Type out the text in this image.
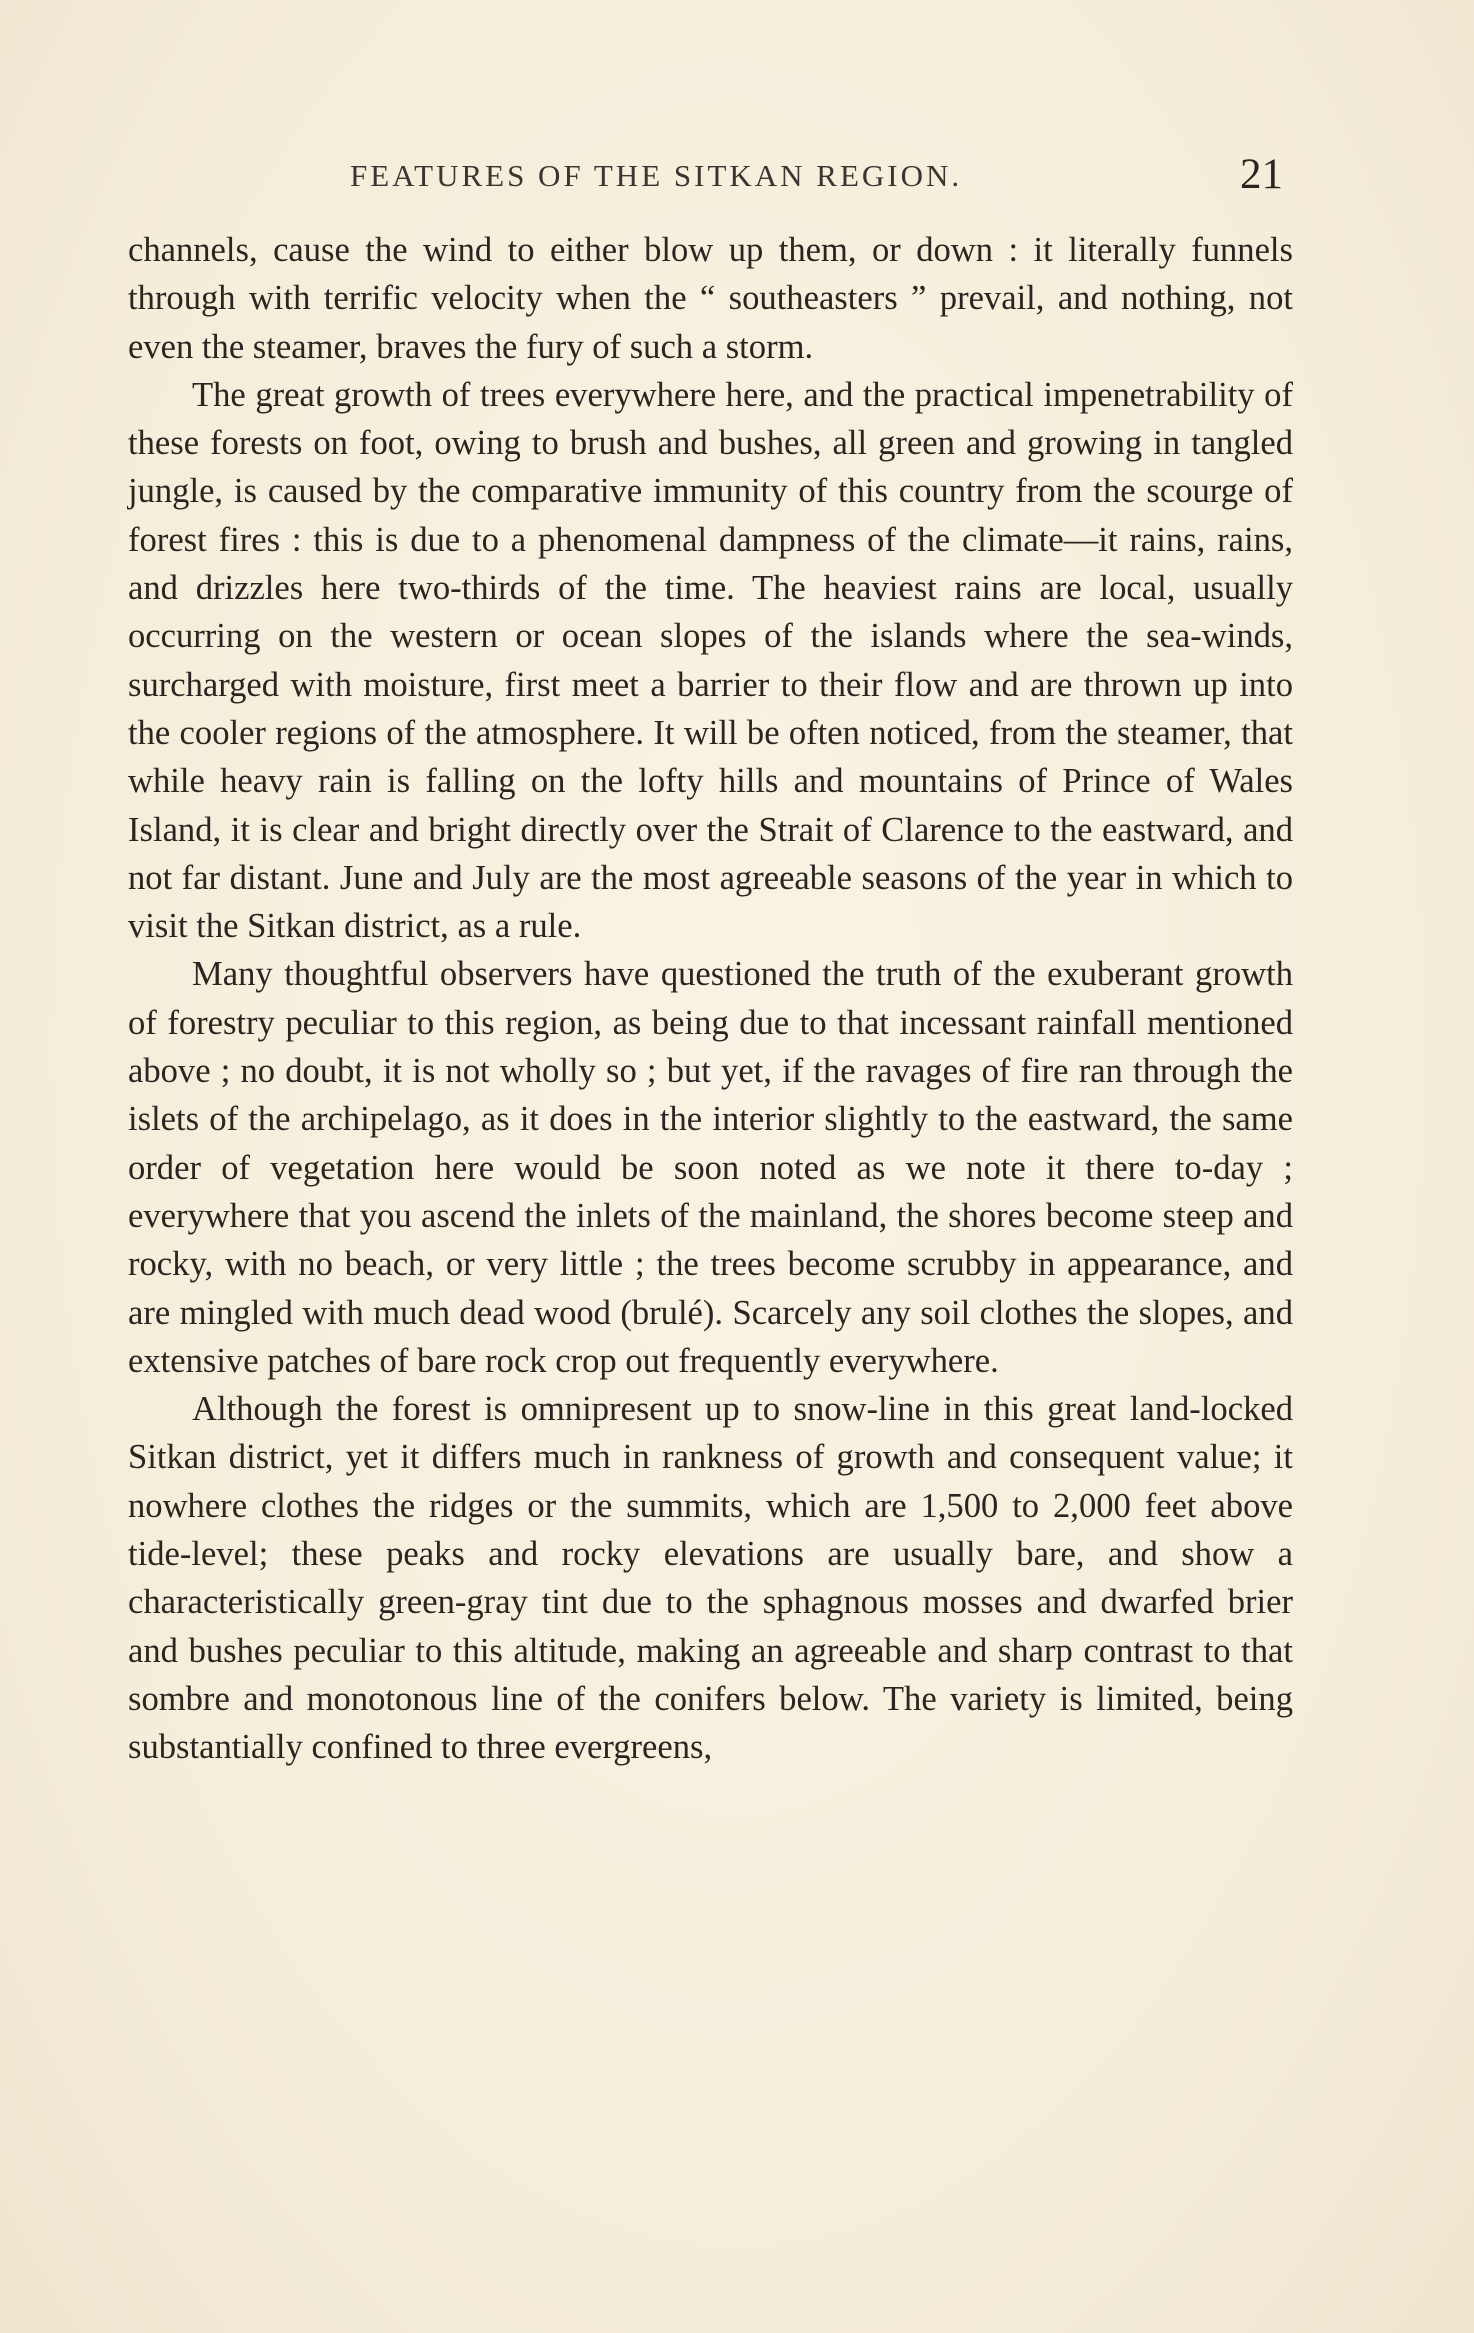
FEATURES OF THE SITKAN REGION.	21

channels, cause the wind to either blow up them, or down : it literally funnels through with terrific velocity when the “ southeasters ” prevail, and nothing, not even the steamer, braves the fury of such a storm.

The great growth of trees everywhere here, and the practical impenetrability of these forests on foot, owing to brush and bushes, all green and growing in tangled jungle, is caused by the comparative immunity of this country from the scourge of forest fires : this is due to a phenomenal dampness of the climate—it rains, rains, and drizzles here two-thirds of the time. The heaviest rains are local, usually occurring on the western or ocean slopes of the islands where the sea-winds, surcharged with moisture, first meet a barrier to their flow and are thrown up into the cooler regions of the atmosphere. It will be often noticed, from the steamer, that while heavy rain is falling on the lofty hills and mountains of Prince of Wales Island, it is clear and bright directly over the Strait of Clarence to the eastward, and not far distant. June and July are the most agreeable seasons of the year in which to visit the Sitkan district, as a rule.

Many thoughtful observers have questioned the truth of the exuberant growth of forestry peculiar to this region, as being due to that incessant rainfall mentioned above ; no doubt, it is not wholly so ; but yet, if the ravages of fire ran through the islets of the archipelago, as it does in the interior slightly to the eastward, the same order of vegetation here would be soon noted as we note it there to-day ; everywhere that you ascend the inlets of the mainland, the shores become steep and rocky, with no beach, or very little ; the trees become scrubby in appearance, and are mingled with much dead wood (brulé). Scarcely any soil clothes the slopes, and extensive patches of bare rock crop out frequently everywhere.

Although the forest is omnipresent up to snow-line in this great land-locked Sitkan district, yet it differs much in rankness of growth and consequent value; it nowhere clothes the ridges or the summits, which are 1,500 to 2,000 feet above tide-level; these peaks and rocky elevations are usually bare, and show a characteristically green-gray tint due to the sphagnous mosses and dwarfed brier and bushes peculiar to this altitude, making an agreeable and sharp contrast to that sombre and monotonous line of the conifers below. The variety is limited, being substantially confined to three evergreens,
